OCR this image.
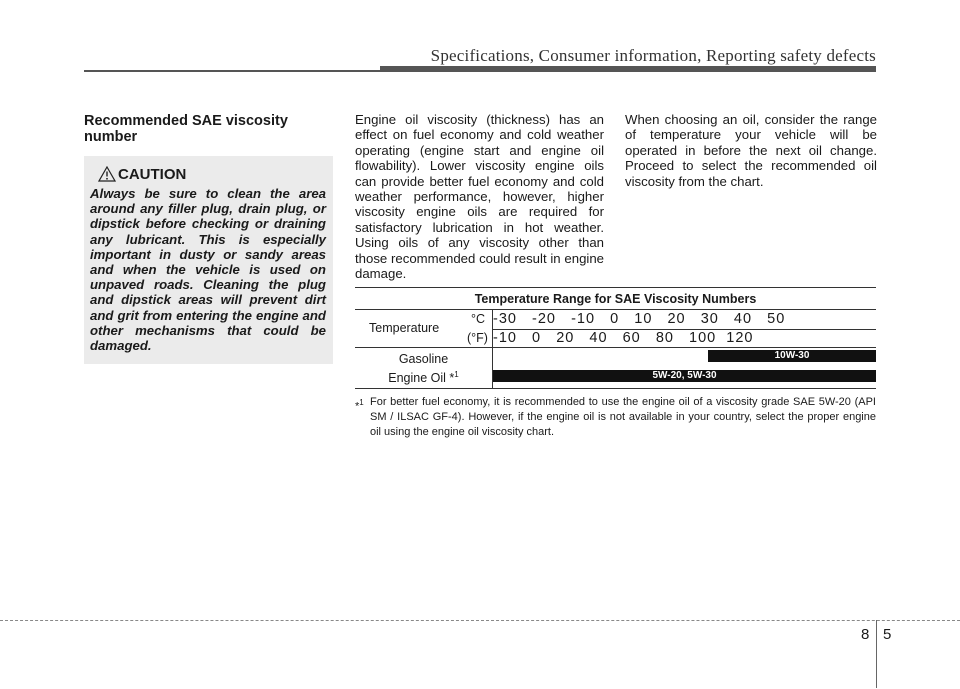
Specifications, Consumer information, Reporting safety defects
Recommended SAE viscosity number
CAUTION
Always be sure to clean the area around any filler plug, drain plug, or dipstick before checking or draining any lubricant. This is especially important in dusty or sandy areas and when the vehicle is used on unpaved roads. Cleaning the plug and dipstick areas will prevent dirt and grit from entering the engine and other mechanisms that could be damaged.
Engine oil viscosity (thickness) has an effect on fuel economy and cold weather operating (engine start and engine oil flowability). Lower viscosity engine oils can provide better fuel economy and cold weather performance, however, higher viscosity engine oils are required for satisfactory lubrication in hot weather. Using oils of any viscosity other than those recommended could result in engine damage.
When choosing an oil, consider the range of temperature your vehicle will be operated in before the next oil change. Proceed to select the recommended oil viscosity from the chart.
Temperature Range for SAE Viscosity Numbers
Temperature
°C
(°F)
-30   -20   -10   0   10   20   30   40   50
-10   0   20   40   60   80   100  120
Gasoline
Engine Oil *$^1$
10W-30
5W-20, 5W-30
*$^1$ For better fuel economy, it is recommended to use the engine oil of a viscosity grade SAE 5W-20 (API SM / ILSAC GF-4). However, if the engine oil is not available in your country, select the proper engine oil using the engine oil viscosity chart.
8 5
